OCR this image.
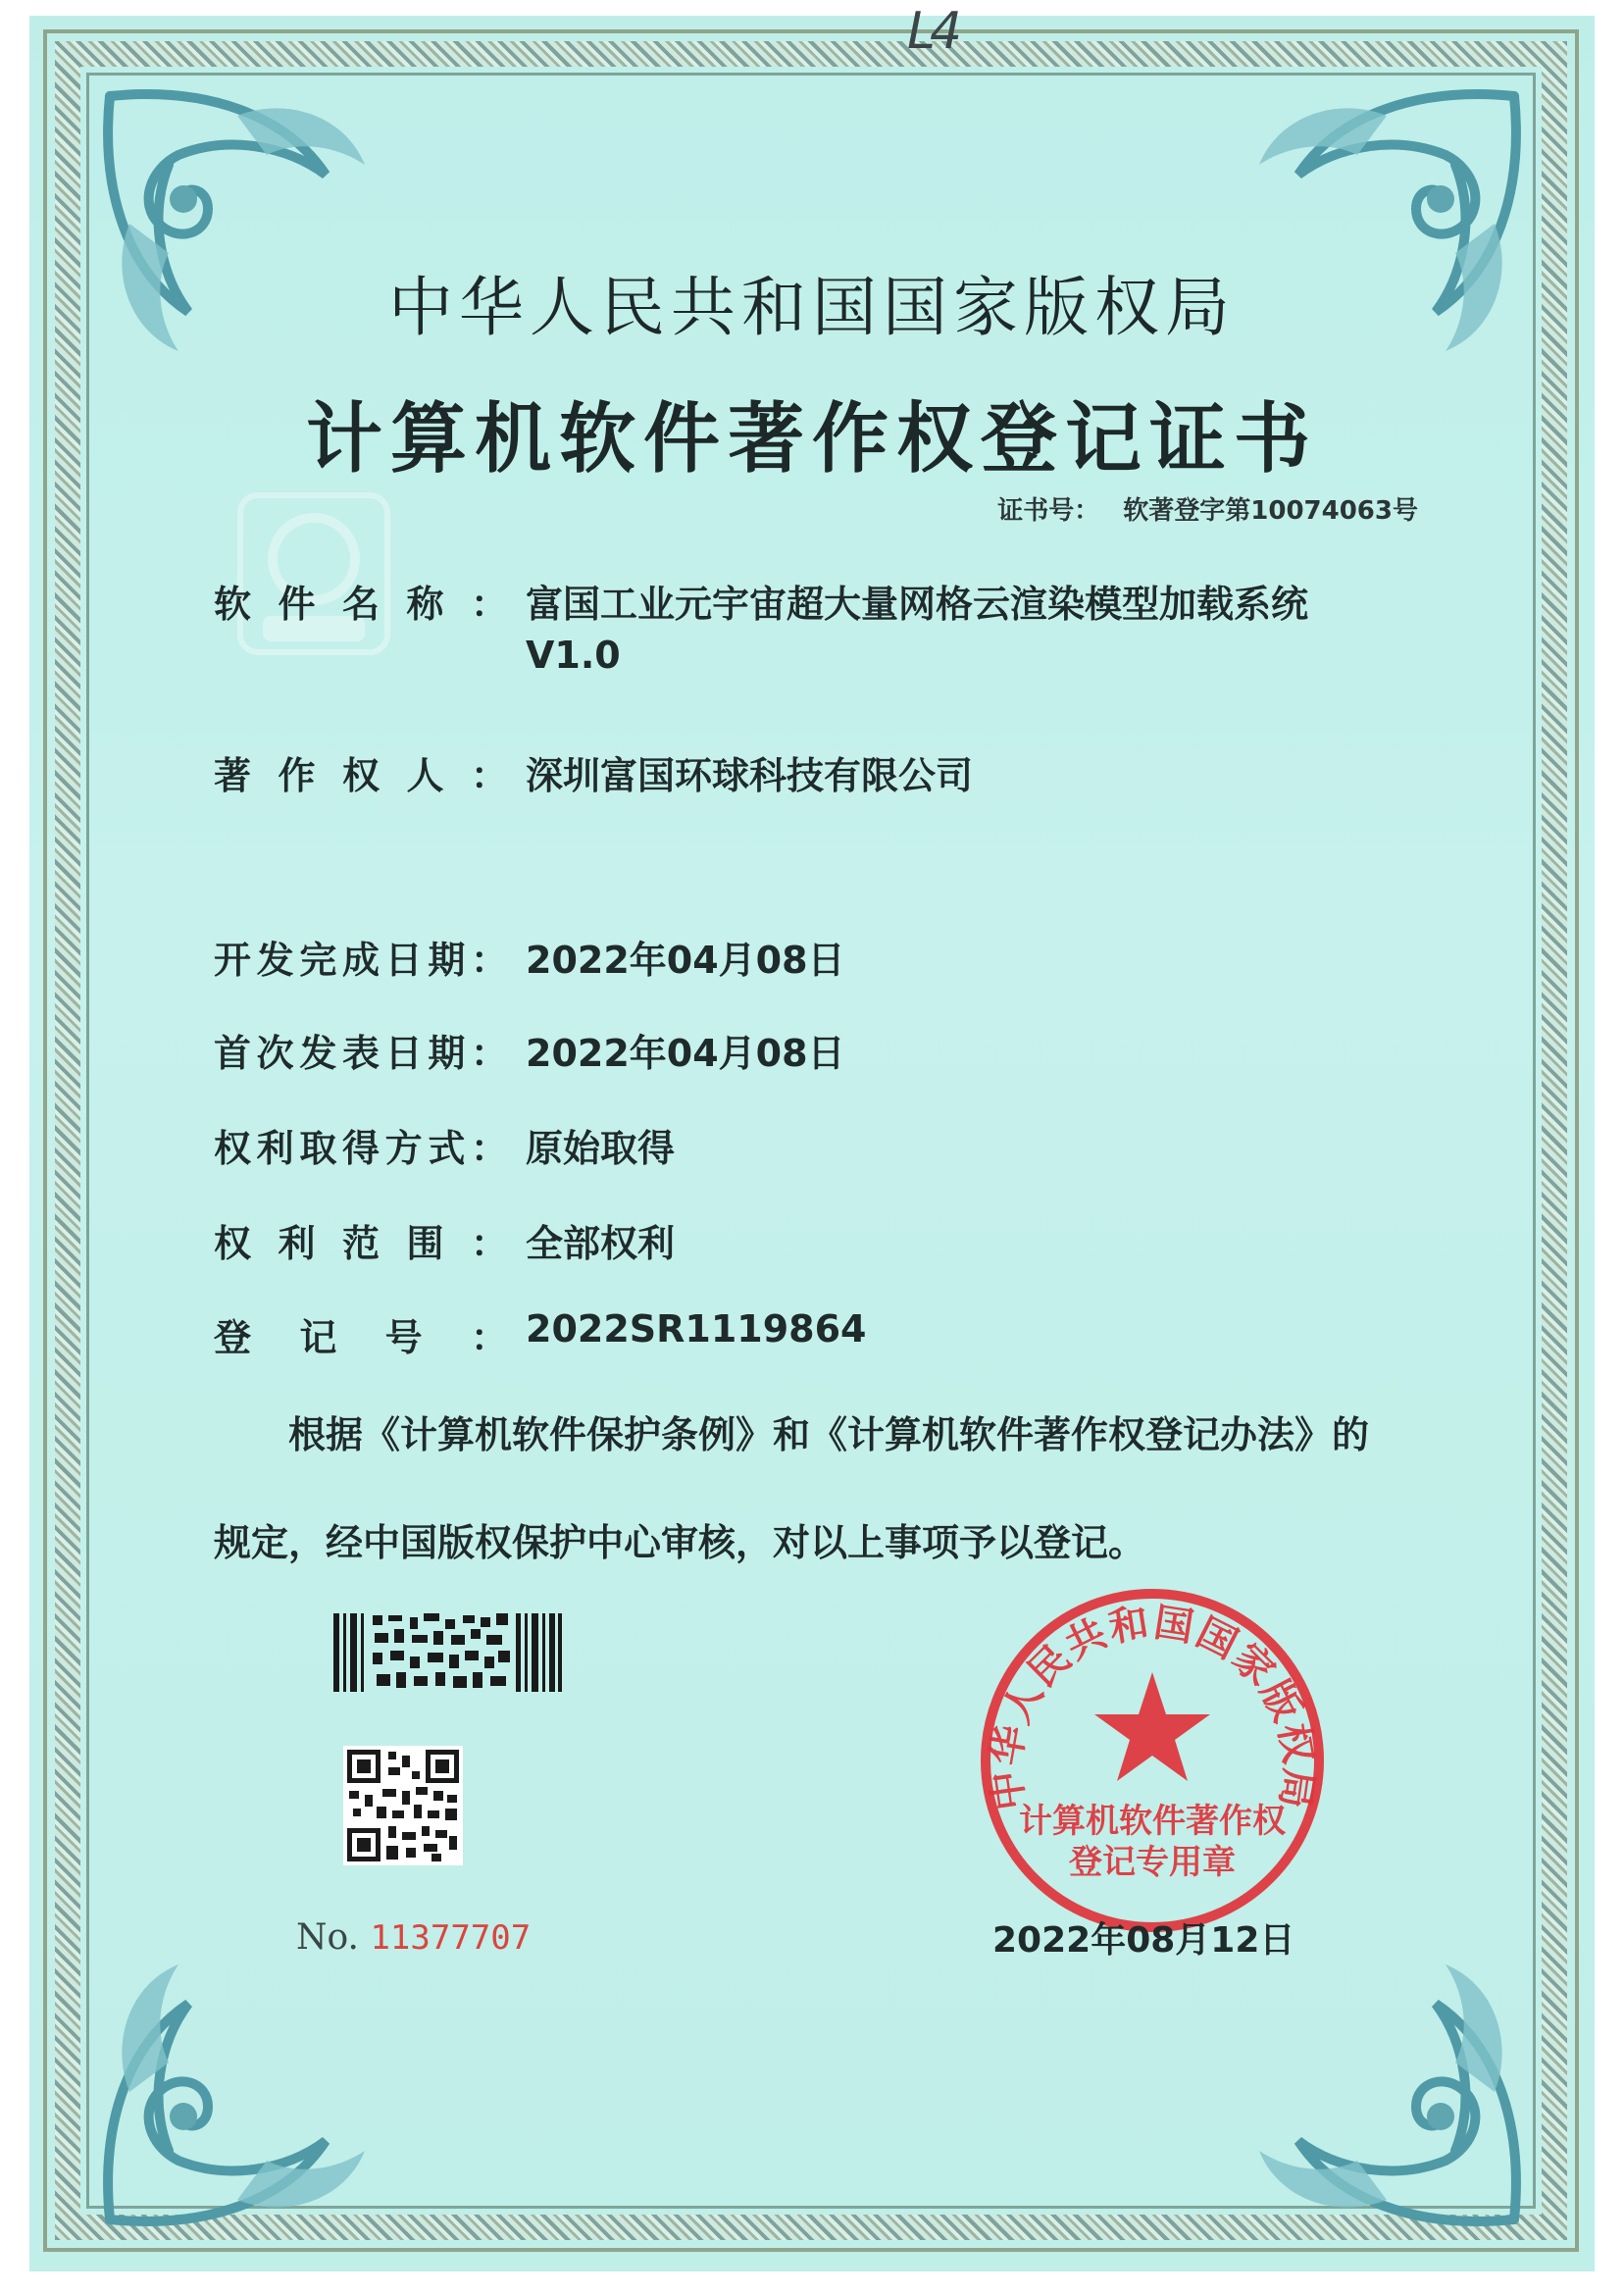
L4
中华人民共和国国家版权局
计算机软件著作权登记证书
证书号： 软著登字第10074063号
软件名称： 富国工业元宇宙超大量网格云渲染模型加载系统
V1.0
著作权人： 深圳富国环球科技有限公司
开发完成日期： 2022年04月08日
首次发表日期： 2022年04月08日
权利取得方式： 原始取得
权利范围： 全部权利
登记号： 2022SR1119864

根据《计算机软件保护条例》和《计算机软件著作权登记办法》的

规定，经中国版权保护中心审核，对以上事项予以登记。

No. 11377707
中华人民共和国国家版权局
计算机软件著作权
登记专用章
2022年08月12日
